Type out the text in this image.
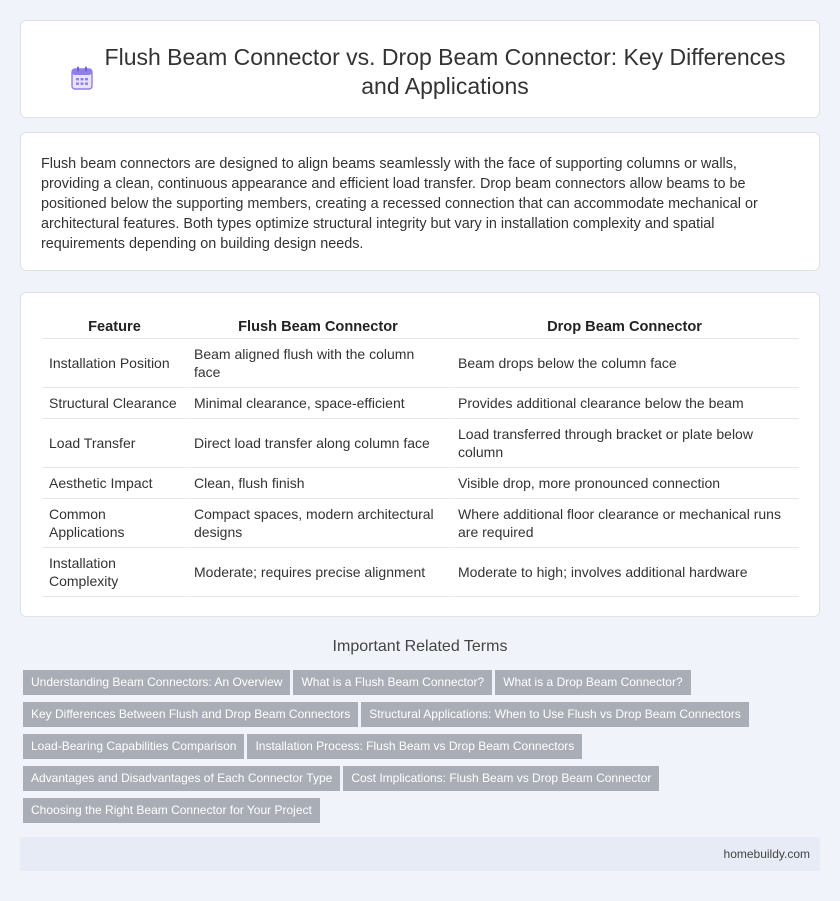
Flush Beam Connector vs. Drop Beam Connector: Key Differences and Applications

Flush beam connectors are designed to align beams seamlessly with the face of supporting columns or walls, providing a clean, continuous appearance and efficient load transfer. Drop beam connectors allow beams to be positioned below the supporting members, creating a recessed connection that can accommodate mechanical or architectural features. Both types optimize structural integrity but vary in installation complexity and spatial requirements depending on building design needs.

Feature	Flush Beam Connector	Drop Beam Connector
Installation Position	Beam aligned flush with the column face	Beam drops below the column face
Structural Clearance	Minimal clearance, space-efficient	Provides additional clearance below the beam
Load Transfer	Direct load transfer along column face	Load transferred through bracket or plate below column
Aesthetic Impact	Clean, flush finish	Visible drop, more pronounced connection
Common Applications	Compact spaces, modern architectural designs	Where additional floor clearance or mechanical runs are required
Installation Complexity	Moderate; requires precise alignment	Moderate to high; involves additional hardware
Important Related Terms
Understanding Beam Connectors: An Overview What is a Flush Beam Connector? What is a Drop Beam Connector?
Key Differences Between Flush and Drop Beam Connectors Structural Applications: When to Use Flush vs Drop Beam Connectors
Load-Bearing Capabilities Comparison Installation Process: Flush Beam vs Drop Beam Connectors
Advantages and Disadvantages of Each Connector Type Cost Implications: Flush Beam vs Drop Beam Connector
Choosing the Right Beam Connector for Your Project
homebuildy.com
